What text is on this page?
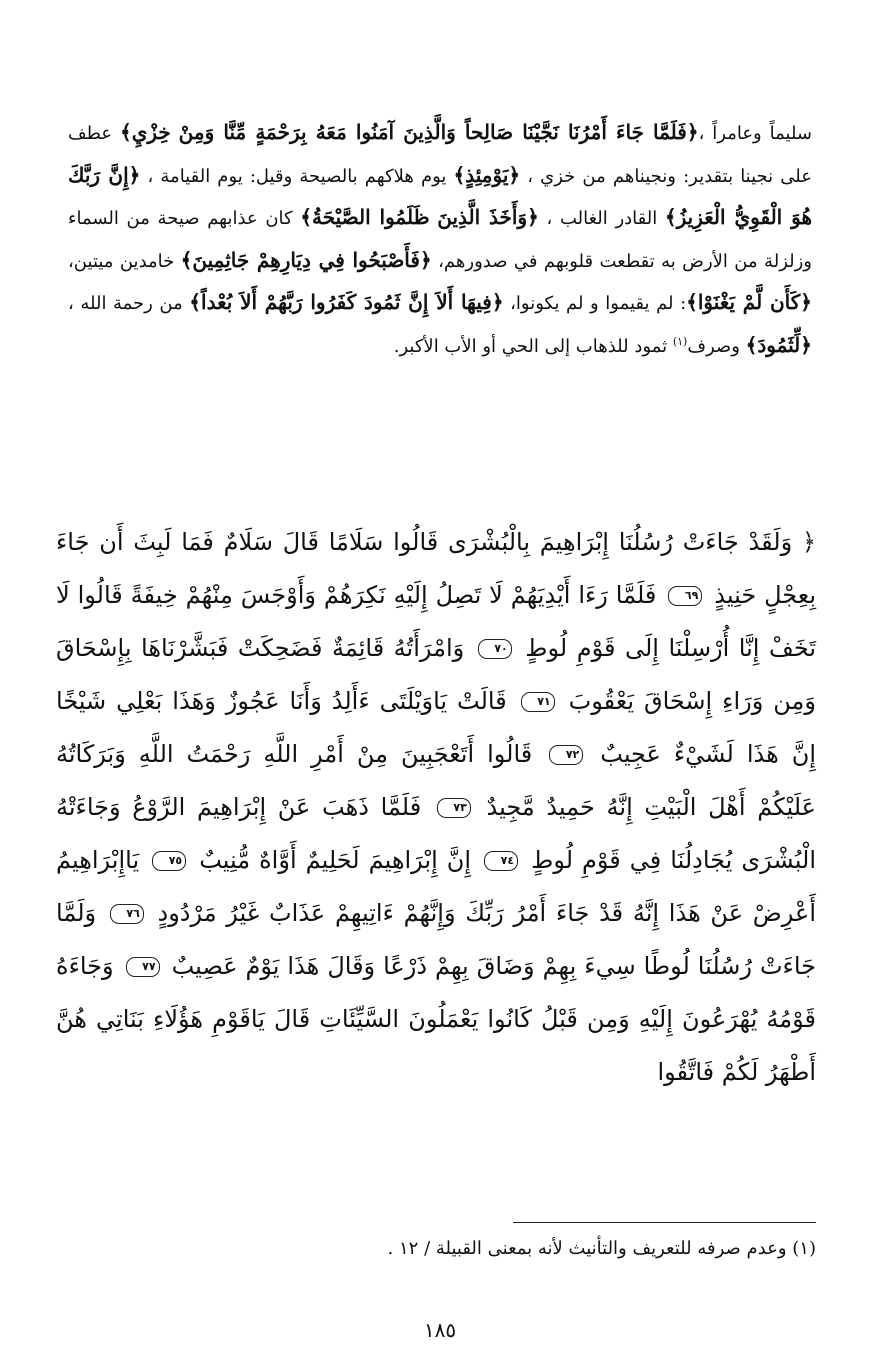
سليماً وعامراً ،﴿فَلَمَّا جَاءَ أَمْرُنَا نَجَّيْنَا صَالِحاً وَالَّذِينَ آمَنُوا مَعَهُ بِرَحْمَةٍ مِّنَّا وَمِنْ خِزْيِ﴾ عطف على نجينا بتقدير: ونجيناهم من خزي ، ﴿يَوْمِئِذٍ﴾ يوم هلاكهم بالصيحة وقيل: يوم القيامة ، ﴿إِنَّ رَبَّكَ هُوَ الْقَوِيُّ الْعَزِيزُ﴾ القادر الغالب ، ﴿وَأَخَذَ الَّذِينَ ظَلَمُوا الصَّيْحَةُ﴾ كان عذابهم صيحة من السماء وزلزلة من الأرض به تقطعت قلوبهم في صدورهم، ﴿فَأَصْبَحُوا فِي دِيَارِهِمْ جَاثِمِينَ﴾ خامدين ميتين، ﴿كَأَن لَّمْ يَغْنَوْا﴾: لم يقيموا و لم يكونوا، ﴿فِيهَا أَلاَ إِنَّ ثَمُودَ كَفَرُوا رَبَّهُمْ أَلاَ بُعْداً﴾ من رحمة الله ، ﴿لِّثَمُودَ﴾ وصرف$^{(١)}$ ثمود للذهاب إلى الحي أو الأب الأكبر.
﴿ وَلَقَدْ جَاءَتْ رُسُلُنَا إِبْرَاهِيمَ بِالْبُشْرَى قَالُوا سَلَامًا قَالَ سَلَامٌ فَمَا لَبِثَ أَن جَاءَ بِعِجْلٍ حَنِيذٍ ٦٩ فَلَمَّا رَءَا أَيْدِيَهُمْ لَا تَصِلُ إِلَيْهِ نَكِرَهُمْ وَأَوْجَسَ مِنْهُمْ خِيفَةً قَالُوا لَا تَخَفْ إِنَّا أُرْسِلْنَا إِلَى قَوْمِ لُوطٍ ٧٠ وَامْرَأَتُهُ قَائِمَةٌ فَضَحِكَتْ فَبَشَّرْنَاهَا بِإِسْحَاقَ وَمِن وَرَاءِ إِسْحَاقَ يَعْقُوبَ ٧١ قَالَتْ يَاوَيْلَتَى ءَأَلِدُ وَأَنَا عَجُوزٌ وَهَذَا بَعْلِي شَيْخًا إِنَّ هَذَا لَشَيْءٌ عَجِيبٌ ٧٢ قَالُوا أَتَعْجَبِينَ مِنْ أَمْرِ اللَّهِ رَحْمَتُ اللَّهِ وَبَرَكَاتُهُ عَلَيْكُمْ أَهْلَ الْبَيْتِ إِنَّهُ حَمِيدٌ مَّجِيدٌ ٧٣ فَلَمَّا ذَهَبَ عَنْ إِبْرَاهِيمَ الرَّوْعُ وَجَاءَتْهُ الْبُشْرَى يُجَادِلُنَا فِي قَوْمِ لُوطٍ ٧٤ إِنَّ إِبْرَاهِيمَ لَحَلِيمٌ أَوَّاهٌ مُّنِيبٌ ٧٥ يَاإِبْرَاهِيمُ أَعْرِضْ عَنْ هَذَا إِنَّهُ قَدْ جَاءَ أَمْرُ رَبِّكَ وَإِنَّهُمْ ءَاتِيهِمْ عَذَابٌ غَيْرُ مَرْدُودٍ ٧٦ وَلَمَّا جَاءَتْ رُسُلُنَا لُوطًا سِيءَ بِهِمْ وَضَاقَ بِهِمْ ذَرْعًا وَقَالَ هَذَا يَوْمٌ عَصِيبٌ ٧٧ وَجَاءَهُ قَوْمُهُ يُهْرَعُونَ إِلَيْهِ وَمِن قَبْلُ كَانُوا يَعْمَلُونَ السَّيِّئَاتِ قَالَ يَاقَوْمِ هَؤُلَاءِ بَنَاتِي هُنَّ أَطْهَرُ لَكُمْ فَاتَّقُوا
(١) وعدم صرفه للتعريف والتأنيث لأنه بمعنى القبيلة / ١٢ .
١٨٥
